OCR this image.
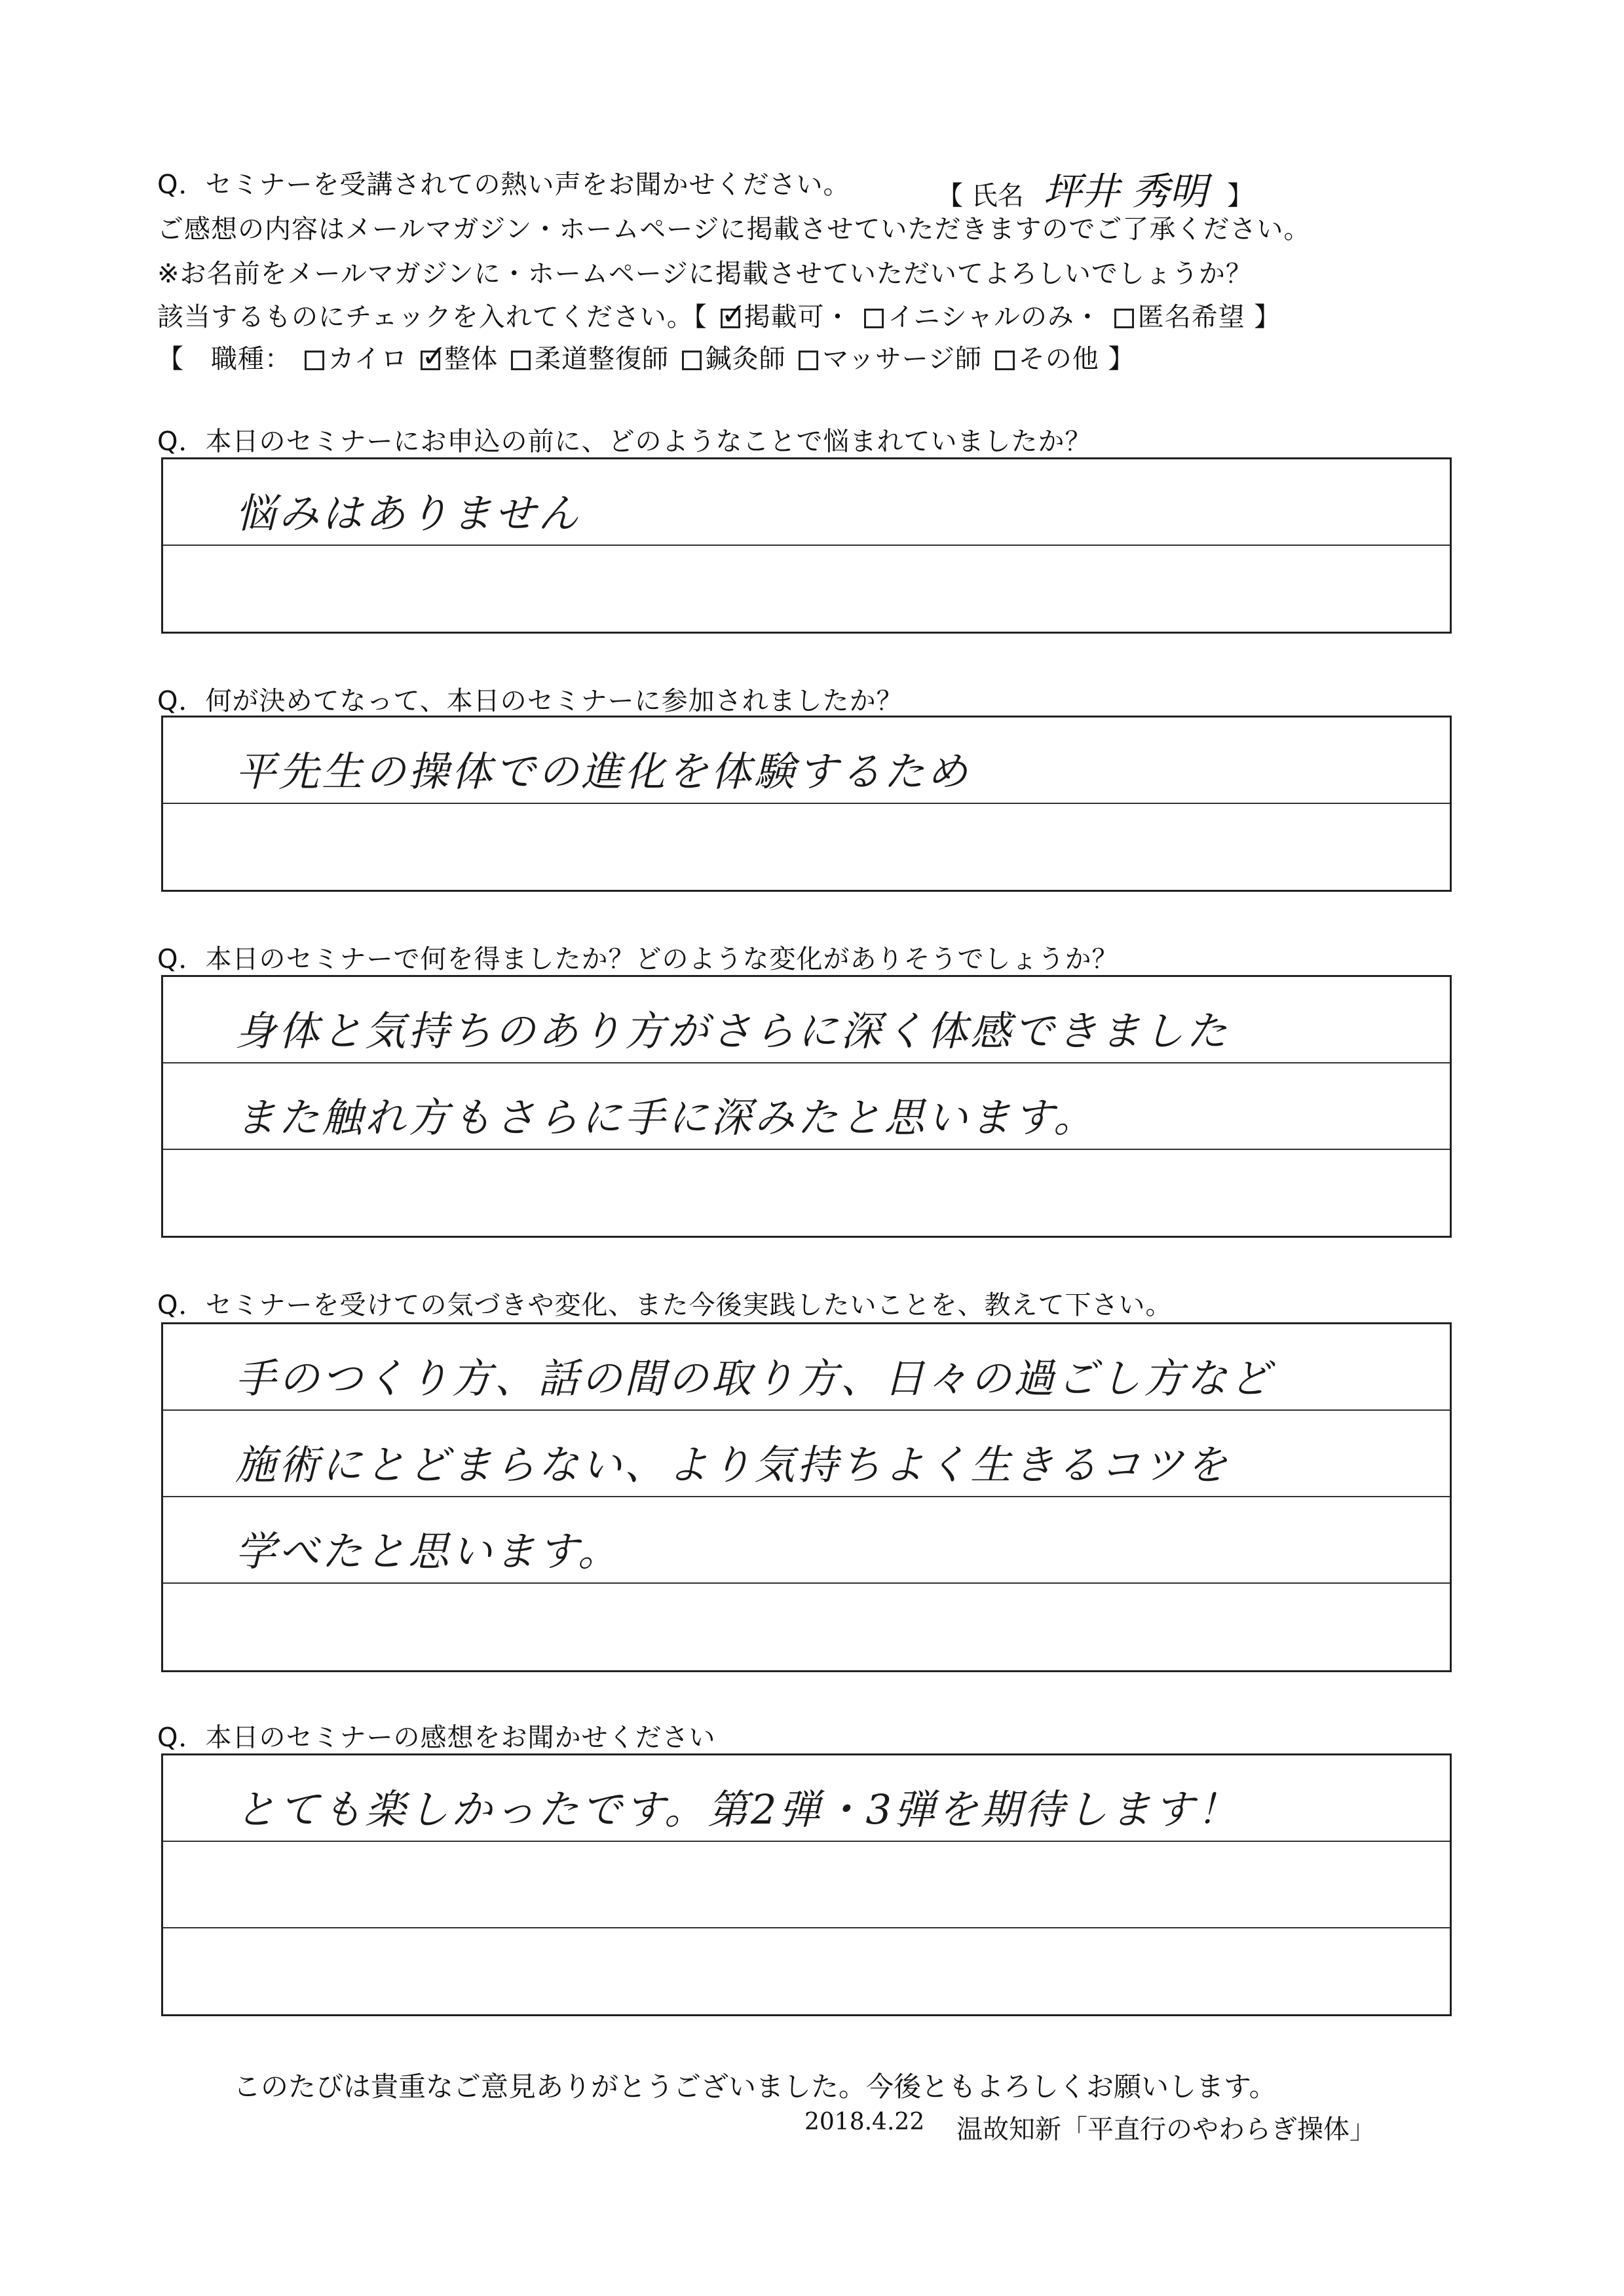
Q．セミナーを受講されての熱い声をお聞かせください。	【 氏名 坪井 秀明 】
ご感想の内容はメールマガジン・ホームページに掲載させていただきますのでご了承ください。
※お名前をメールマガジンに・ホームページに掲載させていただいてよろしいでしょうか？
該当するものにチェックを入れてください。【 ✓ 掲載可・ イニシャルのみ・ 匿名希望 】
【　職種： カイロ ✓ 整体 柔道整復師 鍼灸師 マッサージ師 その他 】
Q．本日のセミナーにお申込の前に、どのようなことで悩まれていましたか？
悩みはありません
Q．何が決めてなって、本日のセミナーに参加されましたか？
平先生の操体での進化を体験するため
Q．本日のセミナーで何を得ましたか？どのような変化がありそうでしょうか？
身体と気持ちのあり方がさらに深く体感できました
また触れ方もさらに手に深みたと思います。
Q．セミナーを受けての気づきや変化、また今後実践したいことを、教えて下さい。
手のつくり方、話の間の取り方、日々の過ごし方など
施術にとどまらない、より気持ちよく生きるコツを
学べたと思います。
Q．本日のセミナーの感想をお聞かせください
とても楽しかったです。第2弾・3弾を期待します！
このたびは貴重なご意見ありがとうございました。今後ともよろしくお願いします。
2018.4.22 温故知新「平直行のやわらぎ操体」
